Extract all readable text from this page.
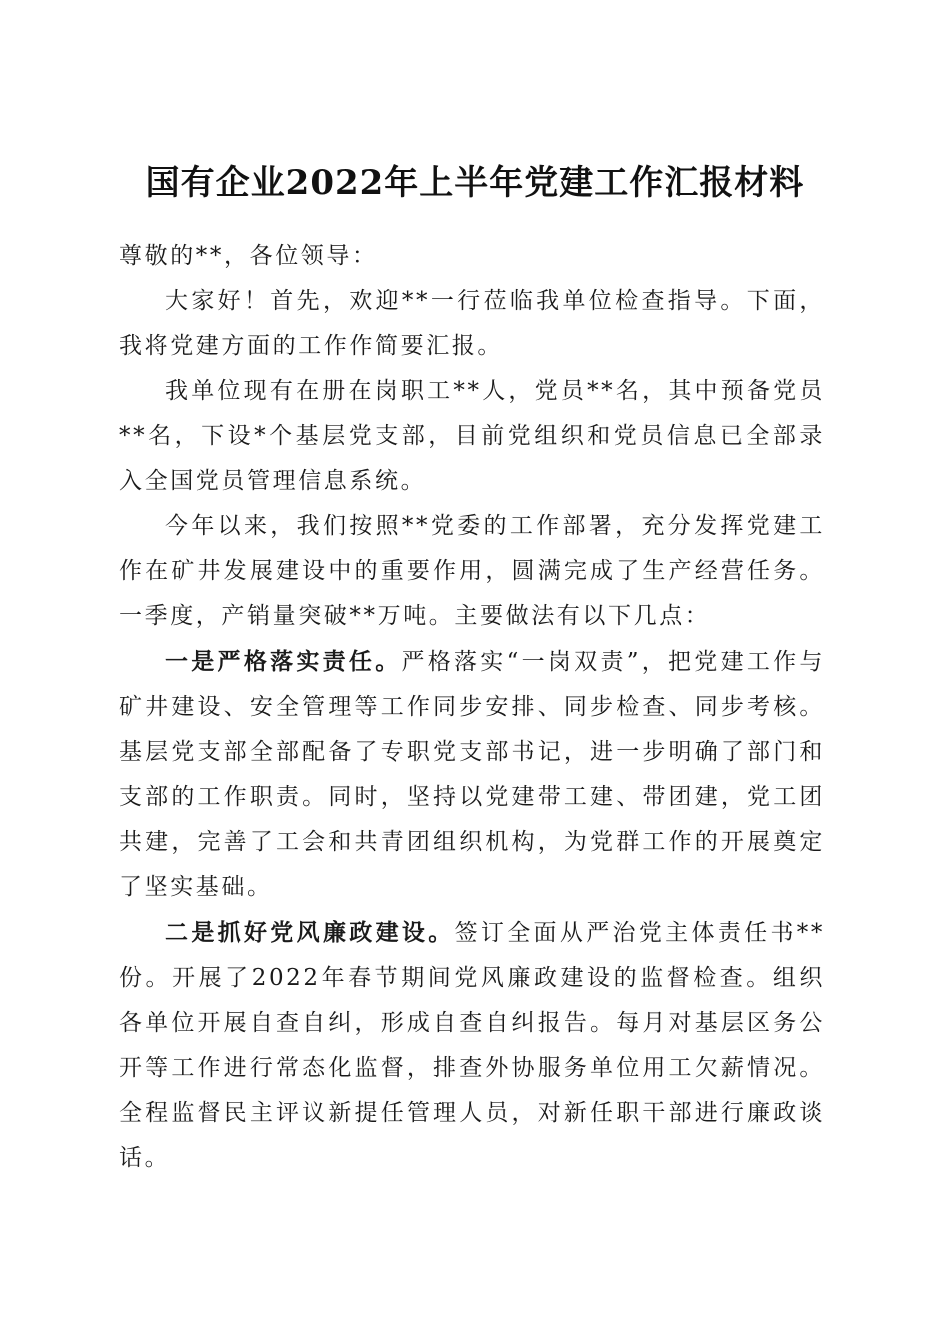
国有企业2022年上半年党建工作汇报材料

尊敬的**，各位领导：

大家好！首先，欢迎**一行莅临我单位检查指导。下面，我将党建方面的工作作简要汇报。

我单位现有在册在岗职工**人，党员**名，其中预备党员**名，下设*个基层党支部，目前党组织和党员信息已全部录入全国党员管理信息系统。

今年以来，我们按照**党委的工作部署，充分发挥党建工作在矿井发展建设中的重要作用，圆满完成了生产经营任务。一季度，产销量突破**万吨。主要做法有以下几点：

一是严格落实责任。严格落实“一岗双责”，把党建工作与矿井建设、安全管理等工作同步安排、同步检查、同步考核。基层党支部全部配备了专职党支部书记，进一步明确了部门和支部的工作职责。同时，坚持以党建带工建、带团建，党工团共建，完善了工会和共青团组织机构，为党群工作的开展奠定了坚实基础。

二是抓好党风廉政建设。签订全面从严治党主体责任书**份。开展了2022年春节期间党风廉政建设的监督检查。组织各单位开展自查自纠，形成自查自纠报告。每月对基层区务公开等工作进行常态化监督，排查外协服务单位用工欠薪情况。全程监督民主评议新提任管理人员，对新任职干部进行廉政谈话。
